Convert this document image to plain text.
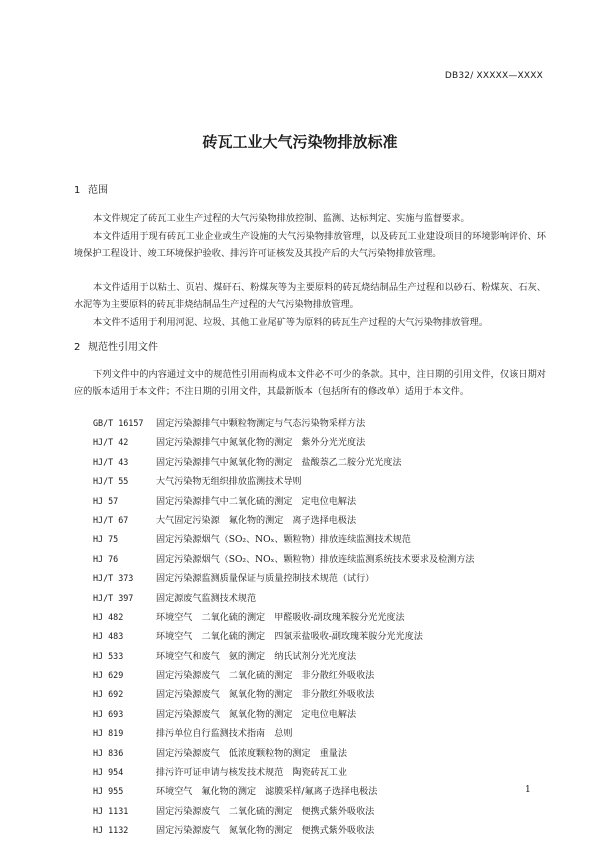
DB32/ XXXXX—XXXX
砖瓦工业大气污染物排放标准
1 范围

本文件规定了砖瓦工业生产过程的大气污染物排放控制、监测、达标判定、实施与监督要求。

本文件适用于现有砖瓦工业企业或生产设施的大气污染物排放管理，以及砖瓦工业建设项目的环境影响评价、环境保护工程设计、竣工环境保护验收、排污许可证核发及其投产后的大气污染物排放管理。

本文件适用于以粘土、页岩、煤矸石、粉煤灰等为主要原料的砖瓦烧结制品生产过程和以砂石、粉煤灰、石灰、水泥等为主要原料的砖瓦非烧结制品生产过程的大气污染物排放管理。

本文件不适用于利用河泥、垃圾、其他工业尾矿等为原料的砖瓦生产过程的大气污染物排放管理。

2 规范性引用文件

下列文件中的内容通过文中的规范性引用而构成本文件必不可少的条款。其中，注日期的引用文件，仅该日期对应的版本适用于本文件；不注日期的引用文件，其最新版本（包括所有的修改单）适用于本文件。

GB/T 16157 固定污染源排气中颗粒物测定与气态污染物采样方法
HJ/T 42	固定污染源排气中氮氧化物的测定　紫外分光光度法
HJ/T 43	固定污染源排气中氮氧化物的测定　盐酸萘乙二胺分光光度法
HJ/T 55	大气污染物无组织排放监测技术导则
HJ 57	固定污染源排气中二氧化硫的测定　定电位电解法
HJ/T 67	大气固定污染源　氟化物的测定　离子选择电极法
HJ 75	固定污染源烟气（SO₂、NOₓ、颗粒物）排放连续监测技术规范
HJ 76	固定污染源烟气（SO₂、NOₓ、颗粒物）排放连续监测系统技术要求及检测方法
HJ/T 373 固定污染源监测质量保证与质量控制技术规范（试行）
HJ/T 397 固定源废气监测技术规范
HJ 482	环境空气　二氧化硫的测定　甲醛吸收-副玫瑰苯胺分光光度法
HJ 483	环境空气　二氧化硫的测定　四氯汞盐吸收-副玫瑰苯胺分光光度法
HJ 533	环境空气和废气　氨的测定　纳氏试剂分光光度法
HJ 629	固定污染源废气　二氧化硫的测定　非分散红外吸收法
HJ 692	固定污染源废气　氮氧化物的测定　非分散红外吸收法
HJ 693	固定污染源废气　氮氧化物的测定　定电位电解法
HJ 819	排污单位自行监测技术指南　总则
HJ 836	固定污染源废气　低浓度颗粒物的测定　重量法
HJ 954	排污许可证申请与核发技术规范　陶瓷砖瓦工业
HJ 955	环境空气　氟化物的测定　滤膜采样/氟离子选择电极法
HJ 1131	固定污染源废气　二氧化硫的测定　便携式紫外吸收法
HJ 1132	固定污染源废气　氮氧化物的测定　便携式紫外吸收法
1
